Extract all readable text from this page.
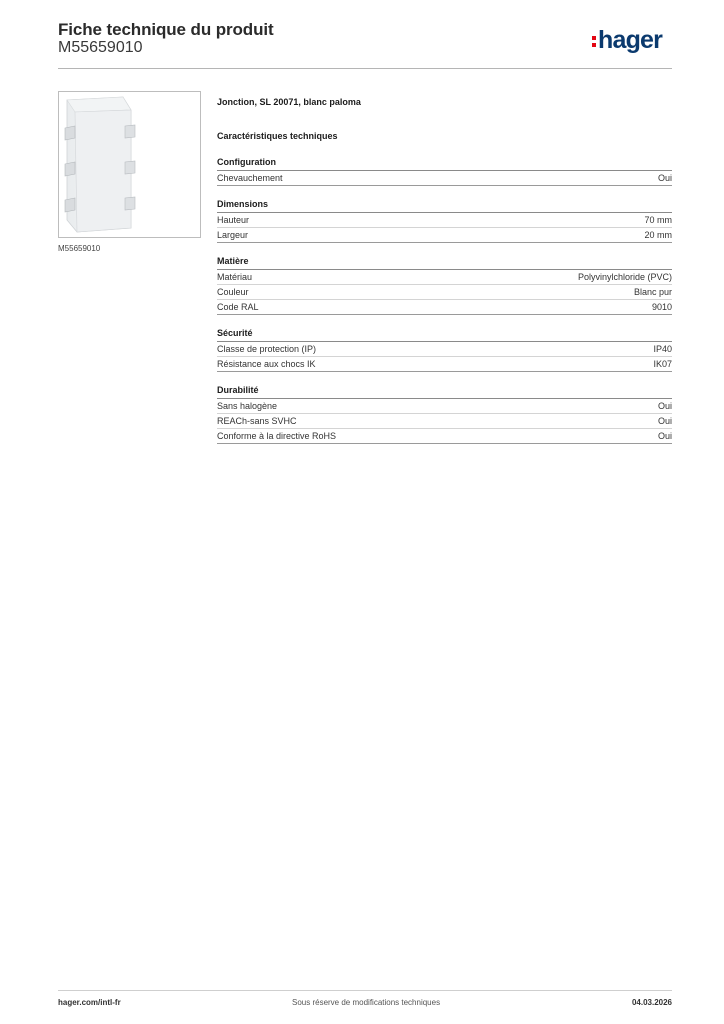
Fiche technique du produit
M55659010	hager
M55659010

Jonction, SL 20071, blanc paloma

Caractéristiques techniques

Configuration
Chevauchement	Oui
Dimensions
Hauteur	70 mm
Largeur	20 mm
Matière
Matériau	Polyvinylchloride (PVC)
Couleur	Blanc pur
Code RAL	9010
Sécurité
Classe de protection (IP)	IP40
Résistance aux chocs IK	IK07
Durabilité
Sans halogène	Oui
REACh-sans SVHC	Oui
Conforme à la directive RoHS	Oui
hager.com/intl-fr	Sous réserve de modifications techniques	04.03.2026
